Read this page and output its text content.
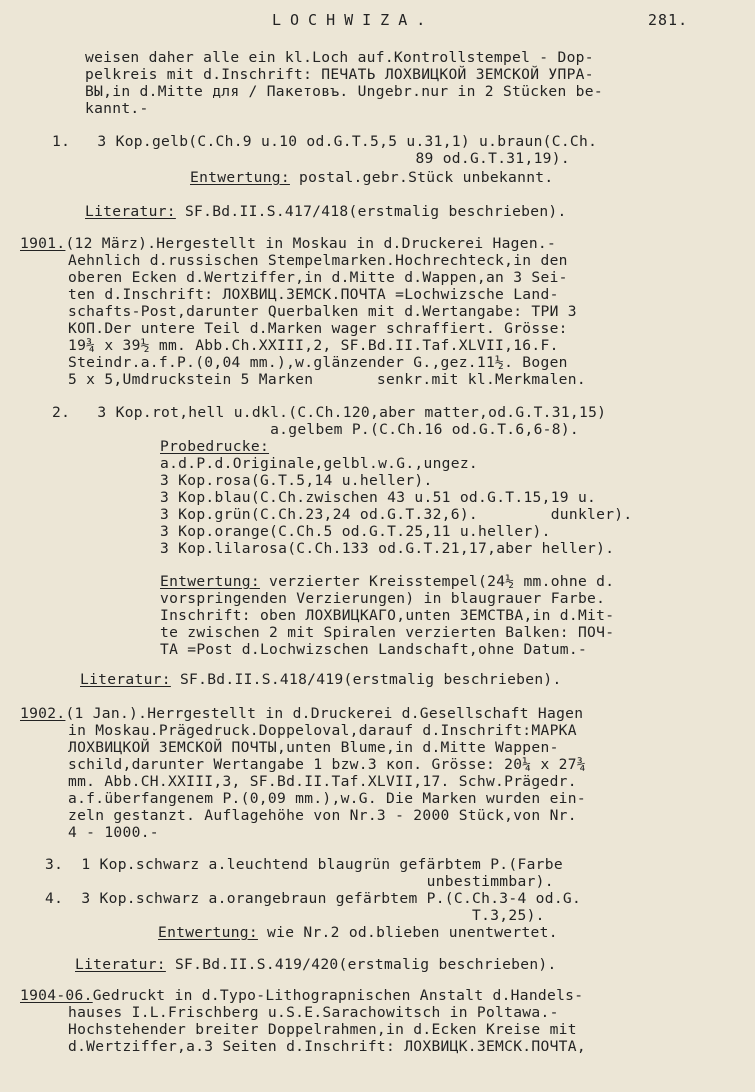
LOCHWIZA.	281.
weisen daher alle ein kl.Loch auf.Kontrollstempel - Dop-
pelkreis mit d.Inschrift: ПЕЧАТЬ ЛОХВИЦКОЙ ЗЕМСКОЙ УПРА-
ВЫ,in d.Mitte для / Пакетовъ. Ungebr.nur in 2 Stücken be-
kannt.-
1.   3 Kop.gelb(C.Ch.9 u.10 od.G.T.5,5 u.31,1) u.braun(C.Ch.
89 od.G.T.31,19).
Entwertung: postal.gebr.Stück unbekannt.
Literatur: SF.Bd.II.S.417/418(erstmalig beschrieben).
1901.(12 März).Hergestellt in Moskau in d.Druckerei Hagen.-
Aehnlich d.russischen Stempelmarken.Hochrechteck,in den
oberen Ecken d.Wertziffer,in d.Mitte d.Wappen,an 3 Sei-
ten d.Inschrift: ЛОХВИЦ.ЗЕМСК.ПОЧТА =Lochwizsche Land-
schafts-Post,darunter Querbalken mit d.Wertangabe: ТРИ 3
КОП.Der untere Teil d.Marken wager schraffiert. Grösse:
19¾ x 39½ mm. Abb.Ch.XXIII,2, SF.Bd.II.Taf.XLVII,16.F.
Steindr.a.f.P.(0,04 mm.),w.glänzender G.,gez.11½. Bogen
5 x 5,Umdruckstein 5 Marken       senkr.mit kl.Merkmalen.
2.   3 Kop.rot,hell u.dkl.(C.Ch.120,aber matter,od.G.T.31,15)
a.gelbem P.(C.Ch.16 od.G.T.6,6-8).
Probedrucke:
a.d.P.d.Originale,gelbl.w.G.,ungez.
3 Kop.rosa(G.T.5,14 u.heller).
3 Kop.blau(C.Ch.zwischen 43 u.51 od.G.T.15,19 u.
3 Kop.grün(C.Ch.23,24 od.G.T.32,6).        dunkler).
3 Kop.orange(C.Ch.5 od.G.T.25,11 u.heller).
3 Kop.lilarosa(C.Ch.133 od.G.T.21,17,aber heller).
Entwertung: verzierter Kreisstempel(24½ mm.ohne d.
vorspringenden Verzierungen) in blaugrauer Farbe.
Inschrift: oben ЛОХВИЦКАГО,unten ЗЕМСТВА,in d.Mit-
te zwischen 2 mit Spiralen verzierten Balken: ПОЧ-
ТА =Post d.Lochwizschen Landschaft,ohne Datum.-
Literatur: SF.Bd.II.S.418/419(erstmalig beschrieben).
1902.(1 Jan.).Herrgestellt in d.Druckerei d.Gesellschaft Hagen
in Moskau.Prägedruck.Doppeloval,darauf d.Inschrift:МАРКА
ЛОХВИЦКОЙ ЗЕМСКОЙ ПОЧТЫ,unten Blume,in d.Mitte Wappen-
schild,darunter Wertangabe 1 bzw.3 коп. Grösse: 20¼ x 27¾
mm. Abb.CH.XXIII,3, SF.Bd.II.Taf.XLVII,17. Schw.Prägedr.
a.f.überfangenem P.(0,09 mm.),w.G. Die Marken wurden ein-
zeln gestanzt. Auflagehöhe von Nr.3 - 2000 Stück,von Nr.
4 - 1000.-
3.  1 Kop.schwarz a.leuchtend blaugrün gefärbtem P.(Farbe
unbestimmbar).
4.  3 Kop.schwarz a.orangebraun gefärbtem P.(C.Ch.3-4 od.G.
T.3,25).
Entwertung: wie Nr.2 od.blieben unentwertet.
Literatur: SF.Bd.II.S.419/420(erstmalig beschrieben).
1904-06.Gedruckt in d.Typo-Lithograpnischen Anstalt d.Handels-
hauses I.L.Frischberg u.S.E.Sarachowitsch in Poltawa.-
Hochstehender breiter Doppelrahmen,in d.Ecken Kreise mit
d.Wertziffer,a.3 Seiten d.Inschrift: ЛОХВИЦК.ЗЕМСК.ПОЧТА,
